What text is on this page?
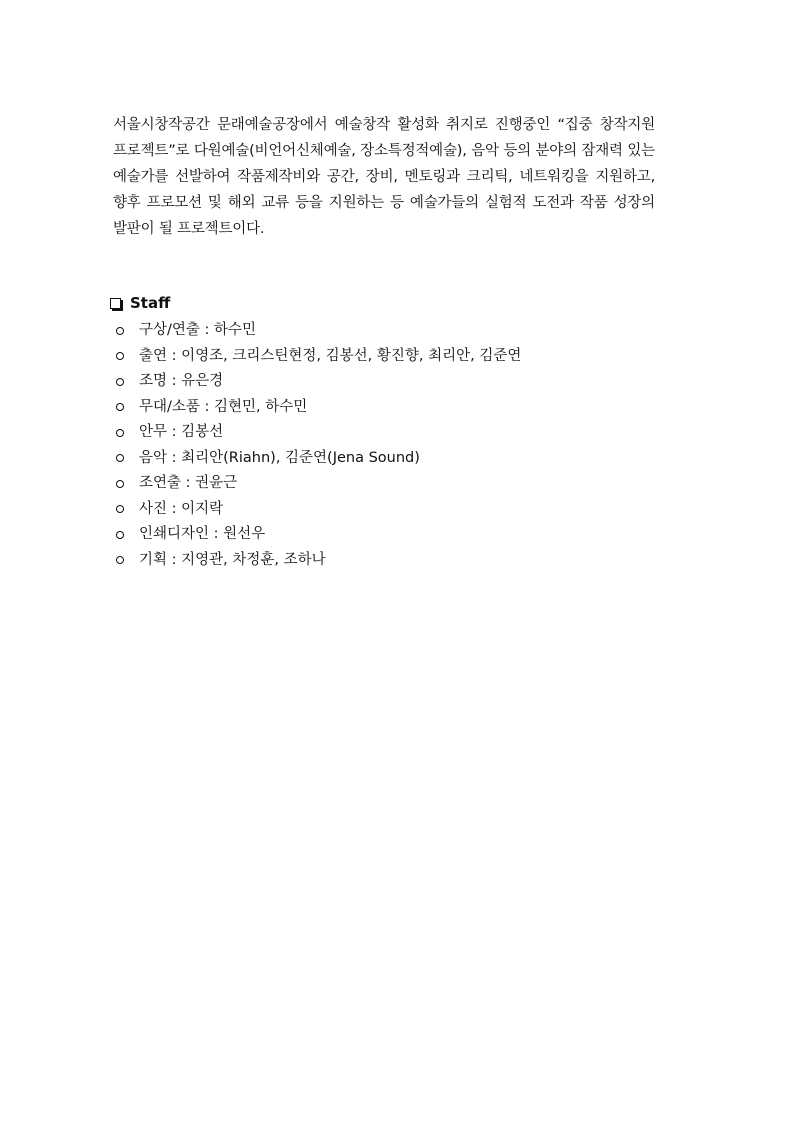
서울시창작공간 문래예술공장에서 예술창작 활성화 취지로 진행중인 “집중 창작지원 프로젝트”로 다원예술(비언어신체예술, 장소특정적예술), 음악 등의 분야의 잠재력 있는 예술가를 선발하여 작품제작비와 공간, 장비, 멘토링과 크리틱, 네트워킹을 지원하고, 향후 프로모션 및 해외 교류 등을 지원하는 등 예술가들의 실험적 도전과 작품 성장의 발판이 될 프로젝트이다.

Staff
구상/연출 : 하수민
출연 : 이영조, 크리스틴현정, 김봉선, 황진향, 최리안, 김준연
조명 : 유은경
무대/소품 : 김현민, 하수민
안무 : 김봉선
음악 : 최리안(Riahn), 김준연(Jena Sound)
조연출 : 권윤근
사진 : 이지락
인쇄디자인 : 원선우
기획 : 지영관, 차정훈, 조하나
